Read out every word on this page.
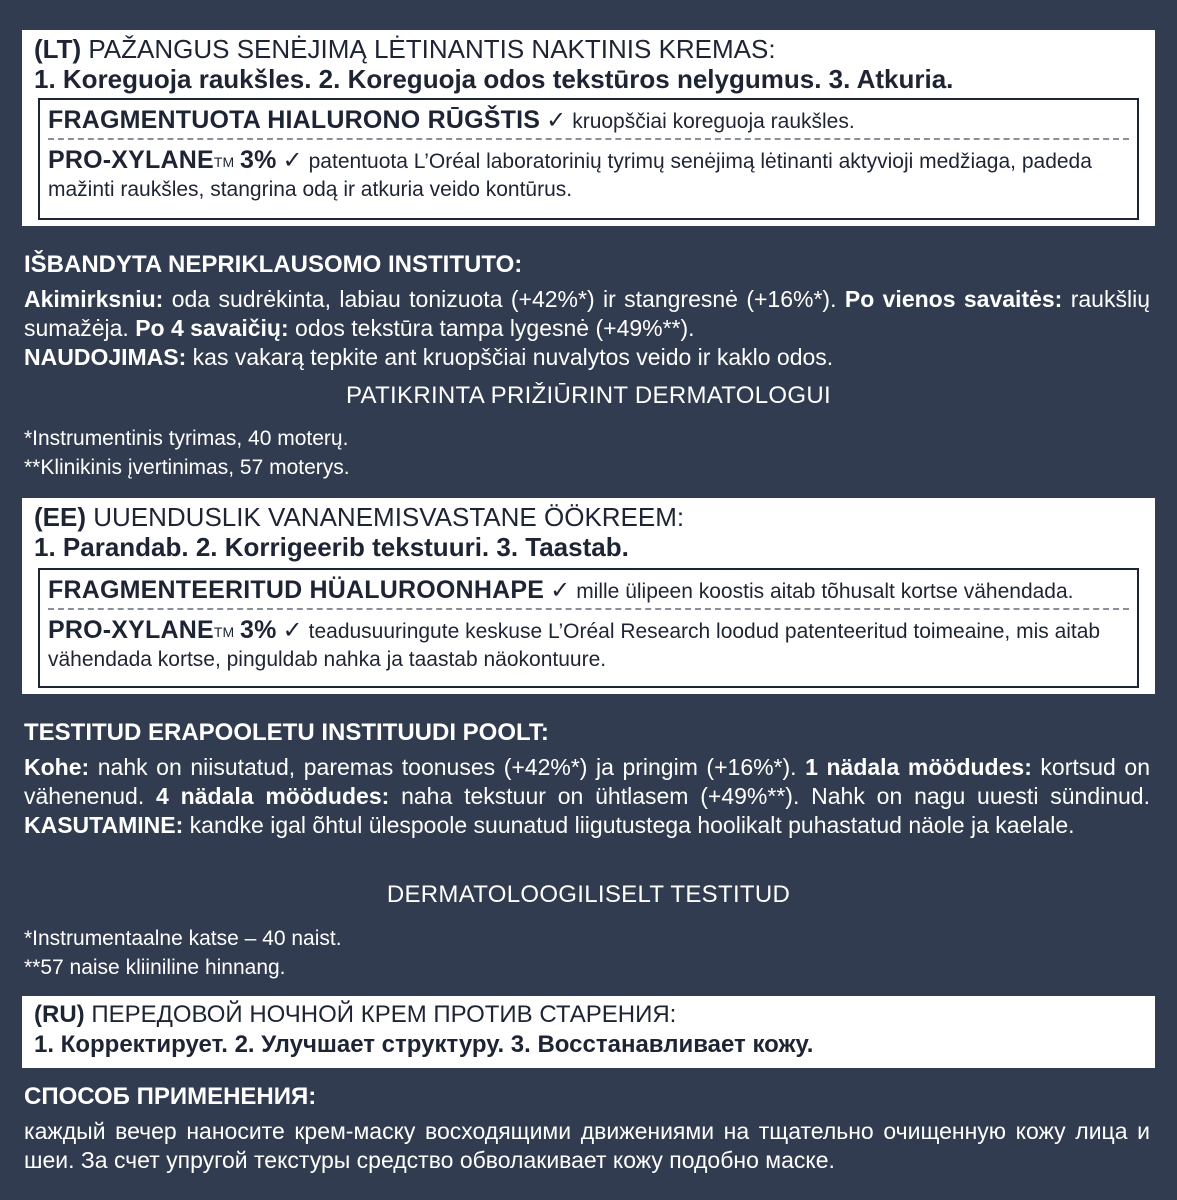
(LT) PAŽANGUS SENĖJIMĄ LĖTINANTIS NAKTINIS KREMAS:
1. Koreguoja raukšles. 2. Koreguoja odos tekstūros nelygumus. 3. Atkuria.
FRAGMENTUOTA HIALURONO RŪGŠTIS ✓ kruopščiai koreguoja raukšles.
PRO-XYLANE™ 3% ✓ patentuota L’Oréal laboratorinių tyrimų senėjimą lėtinanti aktyvioji medžiaga, padeda mažinti raukšles, stangrina odą ir atkuria veido kontūrus.
IŠBANDYTA NEPRIKLAUSOMO INSTITUTO:
Akimirksniu: oda sudrėkinta, labiau tonizuota (+42%*) ir stangresnė (+16%*). Po vienos savaitės: raukšlių sumažėja. Po 4 savaičių: odos tekstūra tampa lygesnė (+49%**).
NAUDOJIMAS: kas vakarą tepkite ant kruopščiai nuvalytos veido ir kaklo odos.
PATIKRINTA PRIŽIŪRINT DERMATOLOGUI
*Instrumentinis tyrimas, 40 moterų.
**Klinikinis įvertinimas, 57 moterys.
(EE) UUENDUSLIK VANANEMISVASTANE ÖÖKREEM:
1. Parandab. 2. Korrigeerib tekstuuri. 3. Taastab.
FRAGMENTEERITUD HÜALUROONHAPE ✓ mille ülipeen koostis aitab tõhusalt kortse vähendada.
PRO-XYLANE™ 3% ✓ teadusuuringute keskuse L’Oréal Research loodud patenteeritud toimeaine, mis aitab vähendada kortse, pinguldab nahka ja taastab näokontuure.
TESTITUD ERAPOOLETU INSTITUUDI POOLT:
Kohe: nahk on niisutatud, paremas toonuses (+42%*) ja pringim (+16%*). 1 nädala möödudes: kortsud on vähenenud. 4 nädala möödudes: naha tekstuur on ühtlasem (+49%**). Nahk on nagu uuesti sündinud. KASUTAMINE: kandke igal õhtul ülespoole suunatud liigutustega hoolikalt puhastatud näole ja kaelale.
DERMATOLOOGILISELT TESTITUD
*Instrumentaalne katse – 40 naist.
**57 naise kliiniline hinnang.
(RU) ПЕРЕДОВОЙ НОЧНОЙ КРЕМ ПРОТИВ СТАРЕНИЯ:
1. Корректирует. 2. Улучшает структуру. 3. Восстанавливает кожу.
СПОСОБ ПРИМЕНЕНИЯ:
каждый вечер наносите крем-маску восходящими движениями на тщательно очищенную кожу лица и шеи. За счет упругой текстуры средство обволакивает кожу подобно маске.
